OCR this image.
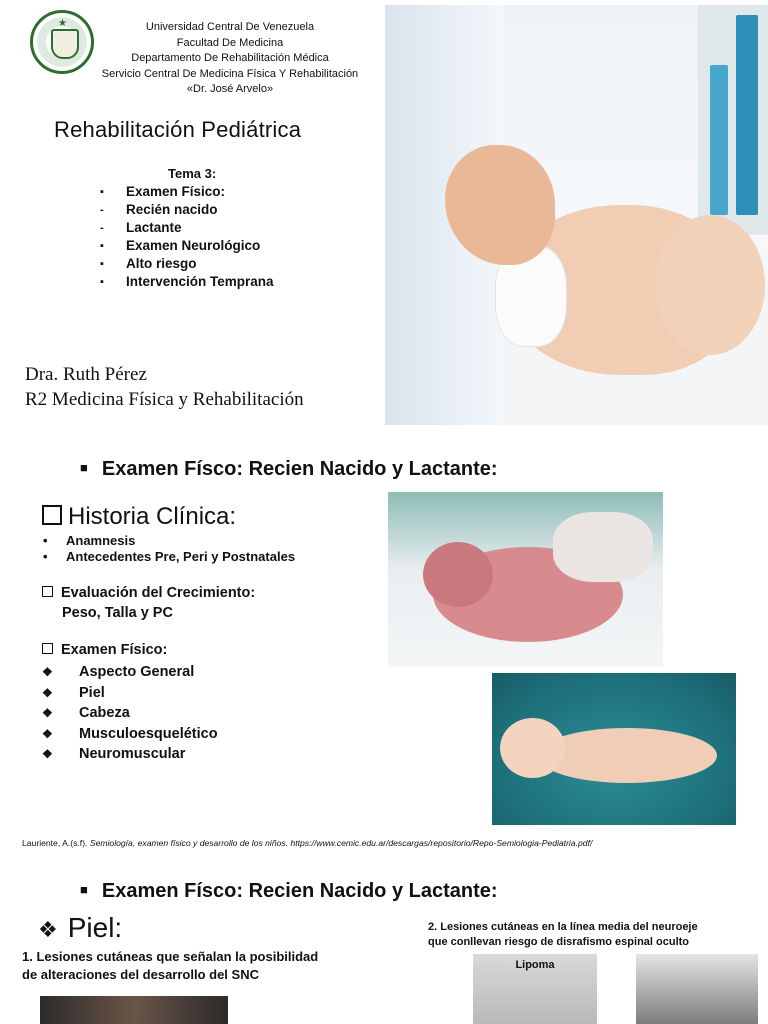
★	Universidad Central De Venezuela
Facultad De Medicina
Departamento De Rehabilitación Médica
Servicio Central De Medicina Física Y Rehabilitación
«Dr. José Arvelo»
Rehabilitación Pediátrica
Tema 3:
▪	Examen Físico:
-	Recién nacido
-	Lactante
▪	Examen Neurológico
▪	Alto riesgo
▪	Intervención Temprana
Dra. Ruth Pérez
R2 Medicina Física y Rehabilitación
■ Examen Físco: Recien Nacido y Lactante:
Historia Clínica:
• Anamnesis
• Antecedentes Pre, Peri y Postnatales
Evaluación del Crecimiento:
Peso, Talla y PC
Examen Físico:
❖ Aspecto General
❖ Piel
❖ Cabeza
❖ Musculoesquelético
❖ Neuromuscular
Lauriente, A.(s.f). Semiología, examen físico y desarrollo de los niños. https://www.cemic.edu.ar/descargas/repositorio/Repo-Semiologia-Pediatria.pdf/
■ Examen Físco: Recien Nacido y Lactante:
❖ Piel:
1. Lesiones cutáneas que señalan la posibilidad
de alteraciones del desarrollo del SNC
2. Lesiones cutáneas en la línea media del neuroeje
que conllevan riesgo de disrafismo espinal oculto
Lipoma
